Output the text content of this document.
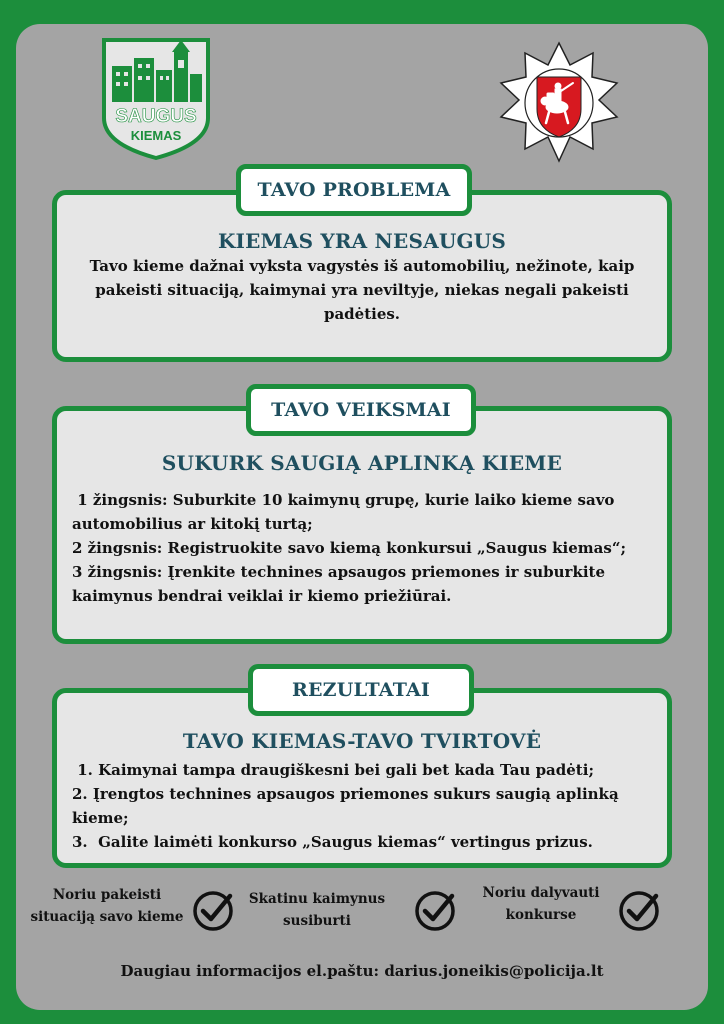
SAUGUS
KIEMAS
KIEMAS YRA NESAUGUS
TAVO PROBLEMA
Tavo kieme dažnai vyksta vagystės iš automobilių, nežinote, kaip
pakeisti situaciją, kaimynai yra neviltyje, niekas negali pakeisti
padėties.
SUKURK SAUGIĄ APLINKĄ KIEME
TAVO VEIKSMAI
1 žingsnis: Suburkite 10 kaimynų grupę, kurie laiko kieme savo
automobilius ar kitokį turtą;
2 žingsnis: Registruokite savo kiemą konkursui „Saugus kiemas“;
3 žingsnis: Įrenkite technines apsaugos priemones ir suburkite
kaimynus bendrai veiklai ir kiemo priežiūrai.
TAVO KIEMAS-TAVO TVIRTOVĖ
REZULTATAI
1. Kaimynai tampa draugiškesni bei gali bet kada Tau padėti;
2. Įrengtos technines apsaugos priemones sukurs saugią aplinką
kieme;
3.  Galite laimėti konkurso „Saugus kiemas“ vertingus prizus.
Noriu pakeisti
situaciją savo kieme
Skatinu kaimynus
susiburti
Noriu dalyvauti
konkurse
Daugiau informacijos el.paštu: darius.joneikis@policija.lt
